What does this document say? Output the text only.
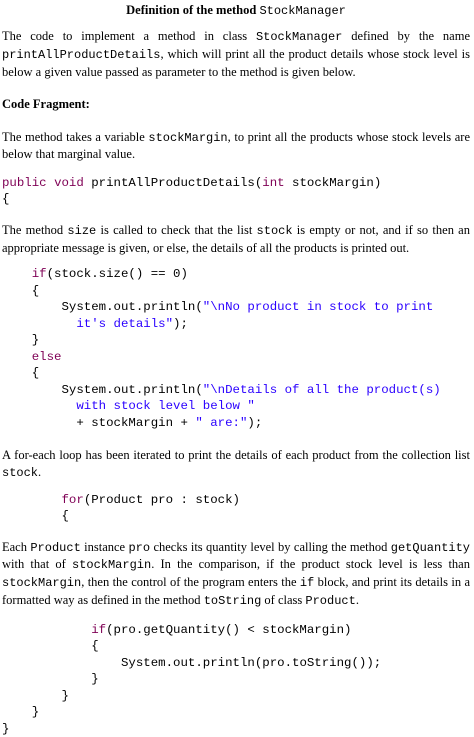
Definition of the method StockManager

The code to implement a method in class StockManager defined by the name printAllProductDetails, which will print all the product details whose stock level is below a given value passed as parameter to the method is given below.

Code Fragment:

The method takes a variable stockMargin, to print all the products whose stock levels are below that marginal value.

public void printAllProductDetails(int stockMargin)
{

The method size is called to check that the list stock is empty or not, and if so then an appropriate message is given, or else, the details of all the products is printed out.

if(stock.size() == 0)
{
System.out.println("\nNo product in stock to print
it's details");
}
else
{
System.out.println("\nDetails of all the product(s)
with stock level below "
+ stockMargin + " are:");

A for-each loop has been iterated to print the details of each product from the collection list stock.

for(Product pro : stock)
{

Each Product instance pro checks its quantity level by calling the method getQuantity with that of stockMargin. In the comparison, if the product stock level is less than stockMargin, then the control of the program enters the if block, and print its details in a formatted way as defined in the method toString of class Product.

if(pro.getQuantity() < stockMargin)
{
System.out.println(pro.toString());
}
}
}
}
